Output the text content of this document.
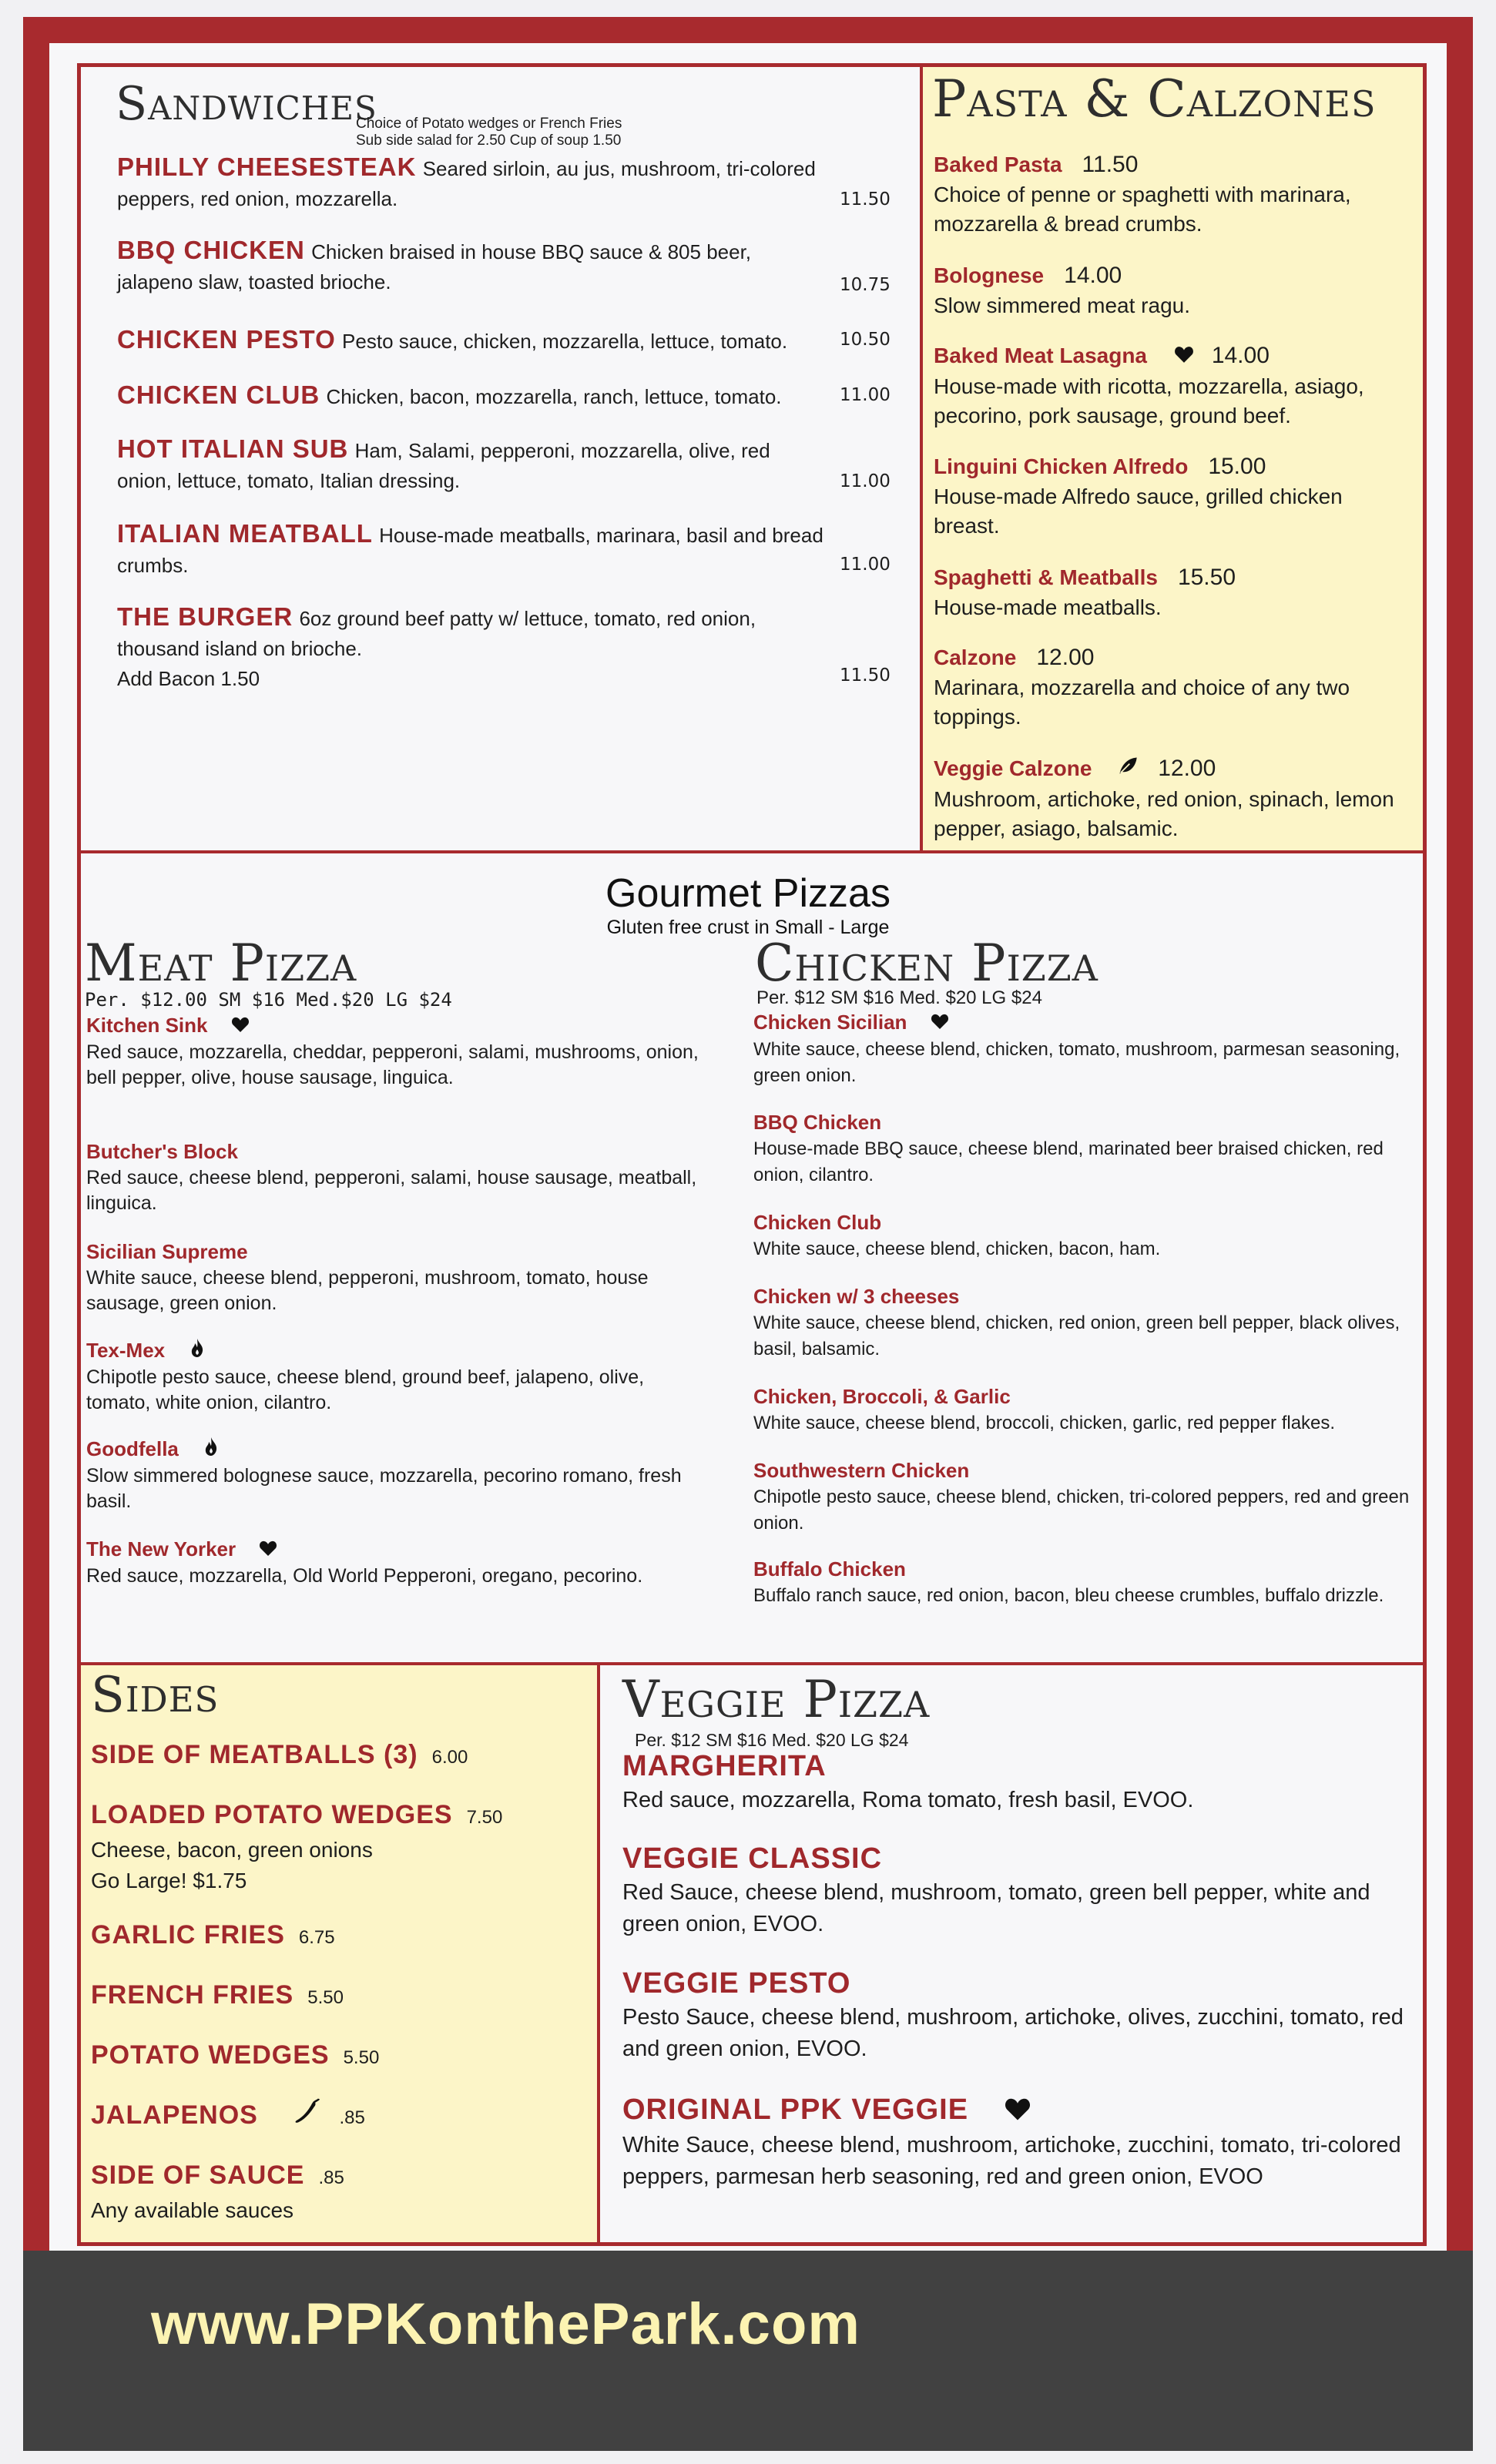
Sandwiches
Choice of Potato wedges or French Fries
Sub side salad for 2.50 Cup of soup 1.50
PHILLY CHEESESTEAK Seared sirloin, au jus, mushroom, tri-colored peppers, red onion, mozzarella.	11.50
BBQ CHICKEN Chicken braised in house BBQ sauce & 805 beer, jalapeno slaw, toasted brioche.	10.75
CHICKEN PESTO Pesto sauce, chicken, mozzarella, lettuce, tomato.	10.50
CHICKEN CLUB Chicken, bacon, mozzarella, ranch, lettuce, tomato.	11.00
HOT ITALIAN SUB Ham, Salami, pepperoni, mozzarella, olive, red onion, lettuce, tomato, Italian dressing.	11.00
ITALIAN MEATBALL House-made meatballs, marinara, basil and bread crumbs.	11.00
THE BURGER 6oz ground beef patty w/ lettuce, tomato, red onion, thousand island on brioche.
Add Bacon 1.50	11.50
Pasta & Calzones
Baked Pasta 11.50
Choice of penne or spaghetti with marinara, mozzarella & bread crumbs.
Bolognese 14.00
Slow simmered meat ragu.
Baked Meat Lasagna	14.00
House-made with ricotta, mozzarella, asiago, pecorino, pork sausage, ground beef.
Linguini Chicken Alfredo 15.00
House-made Alfredo sauce, grilled chicken breast.
Spaghetti & Meatballs 15.50
House-made meatballs.
Calzone 12.00
Marinara, mozzarella and choice of any two toppings.
Veggie Calzone	12.00
Mushroom, artichoke, red onion, spinach, lemon pepper, asiago, balsamic.
Gourmet Pizzas
Gluten free crust in Small - Large
Meat Pizza
Per. $12.00 SM $16 Med.$20 LG $24
Kitchen Sink
Red sauce, mozzarella, cheddar, pepperoni, salami, mushrooms, onion, bell pepper, olive, house sausage, linguica.
Butcher's Block
Red sauce, cheese blend, pepperoni, salami, house sausage, meatball, linguica.
Sicilian Supreme
White sauce, cheese blend, pepperoni, mushroom, tomato, house sausage, green onion.
Tex-Mex
Chipotle pesto sauce, cheese blend, ground beef, jalapeno, olive, tomato, white onion, cilantro.
Goodfella
Slow simmered bolognese sauce, mozzarella, pecorino romano, fresh basil.
The New Yorker
Red sauce, mozzarella, Old World Pepperoni, oregano, pecorino.
Chicken Pizza
Per. $12 SM $16 Med. $20 LG $24
Chicken Sicilian
White sauce, cheese blend, chicken, tomato, mushroom, parmesan seasoning, green onion.
BBQ Chicken
House-made BBQ sauce, cheese blend, marinated beer braised chicken, red onion, cilantro.
Chicken Club
White sauce, cheese blend, chicken, bacon, ham.
Chicken w/ 3 cheeses
White sauce, cheese blend, chicken, red onion, green bell pepper, black olives, basil, balsamic.
Chicken, Broccoli, & Garlic
White sauce, cheese blend, broccoli, chicken, garlic, red pepper flakes.
Southwestern Chicken
Chipotle pesto sauce, cheese blend, chicken, tri-colored peppers, red and green onion.
Buffalo Chicken
Buffalo ranch sauce, red onion, bacon, bleu cheese crumbles, buffalo drizzle.
Sides
SIDE OF MEATBALLS (3) 6.00
LOADED POTATO WEDGES 7.50
Cheese, bacon, green onions
Go Large! $1.75
GARLIC FRIES 6.75
FRENCH FRIES 5.50
POTATO WEDGES 5.50
JALAPENOS	.85
SIDE OF SAUCE .85
Any available sauces
Veggie Pizza
Per. $12 SM $16 Med. $20 LG $24
MARGHERITA
Red sauce, mozzarella, Roma tomato, fresh basil, EVOO.
VEGGIE CLASSIC
Red Sauce, cheese blend, mushroom, tomato, green bell pepper, white and green onion, EVOO.
VEGGIE PESTO
Pesto Sauce, cheese blend, mushroom, artichoke, olives, zucchini, tomato, red and green onion, EVOO.
ORIGINAL PPK VEGGIE
White Sauce, cheese blend, mushroom, artichoke, zucchini, tomato, tri-colored peppers, parmesan herb seasoning, red and green onion, EVOO
www.PPKonthePark.com
